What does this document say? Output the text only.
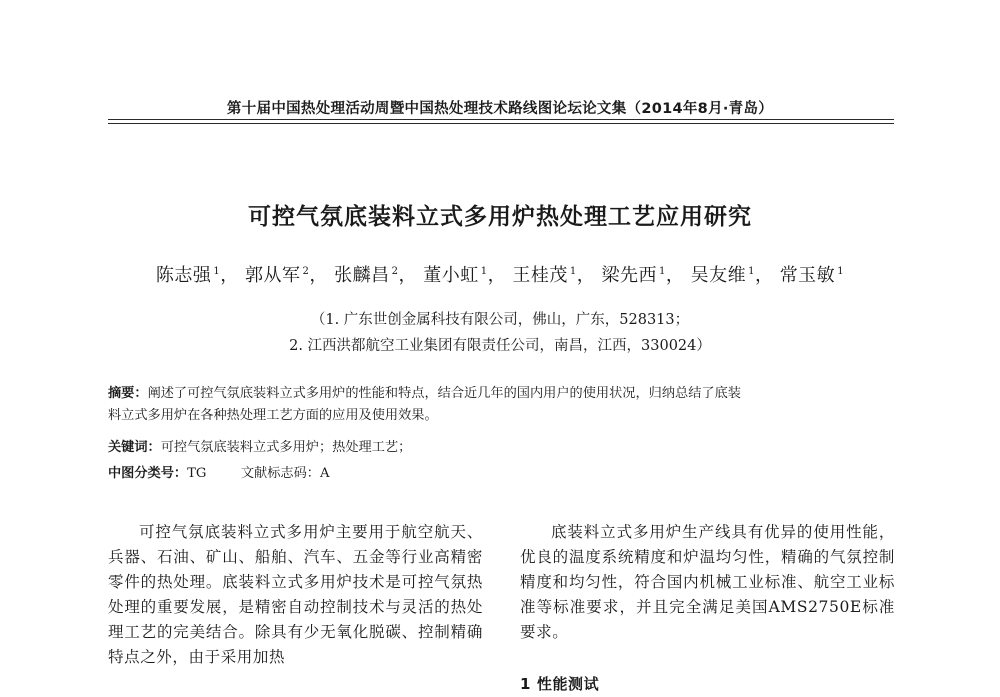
第十届中国热处理活动周暨中国热处理技术路线图论坛论文集（2014年8月·青岛）
可控气氛底装料立式多用炉热处理工艺应用研究
陈志强 $^1$， 郭从军 $^2$， 张麟昌 $^2$， 董小虹 $^1$， 王桂茂 $^1$， 梁先西 $^1$， 吴友维 $^1$， 常玉敏 $^1$
（1. 广东世创金属科技有限公司，佛山，广东，528313；
2. 江西洪都航空工业集团有限责任公司，南昌，江西，330024）
摘要：阐述了可控气氛底装料立式多用炉的性能和特点，结合近几年的国内用户的使用状况，归纳总结了底装
料立式多用炉在各种热处理工艺方面的应用及使用效果。
关键词：可控气氛底装料立式多用炉；热处理工艺；
中图分类号：TG	文献标志码：A
可控气氛底装料立式多用炉主要用于航空航天、兵器、石油、矿山、船舶、汽车、五金等行业高精密零件的热处理。底装料立式多用炉技术是可控气氛热处理的重要发展，是精密自动控制技术与灵活的热处理工艺的完美结合。除具有少无氧化脱碳、控制精确特点之外，由于采用加热
底装料立式多用炉生产线具有优异的使用性能，优良的温度系统精度和炉温均匀性，精确的气氛控制精度和均匀性，符合国内机械工业标准、航空工业标准等标准要求，并且完全满足美国AMS2750E标准要求。
1 性能测试
